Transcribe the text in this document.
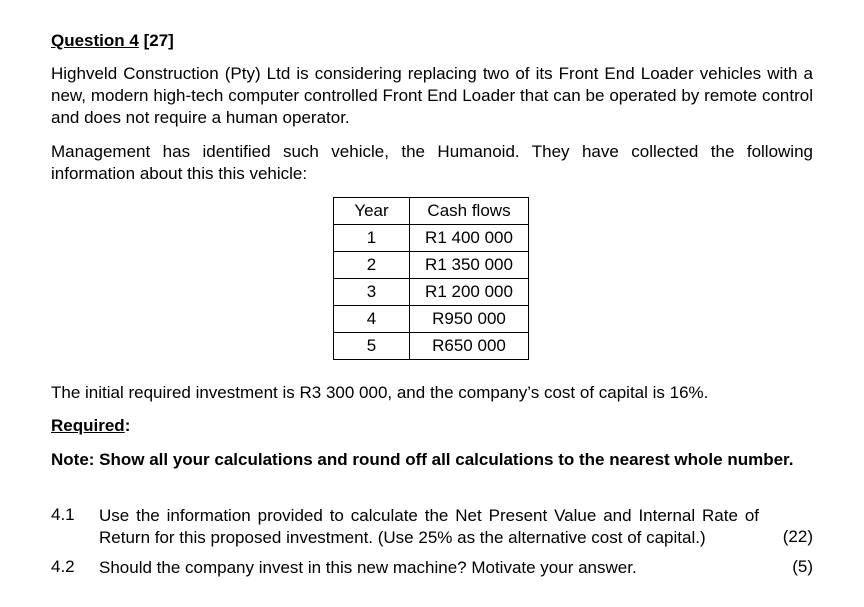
Question 4 [27]

Highveld Construction (Pty) Ltd is considering replacing two of its Front End Loader vehicles with a new, modern high-tech computer controlled Front End Loader that can be operated by remote control and does not require a human operator.

Management has identified such vehicle, the Humanoid. They have collected the following information about this this vehicle:

Year	Cash flows
1	R1 400 000
2	R1 350 000
3	R1 200 000
4	R950 000
5	R650 000

The initial required investment is R3 300 000, and the company’s cost of capital is 16%.

Required:

Note: Show all your calculations and round off all calculations to the nearest whole number.

4.1 Use the information provided to calculate the Net Present Value and Internal Rate of Return for this proposed investment. (Use 25% as the alternative cost of capital.)	(22)
4.2 Should the company invest in this new machine? Motivate your answer.	(5)
